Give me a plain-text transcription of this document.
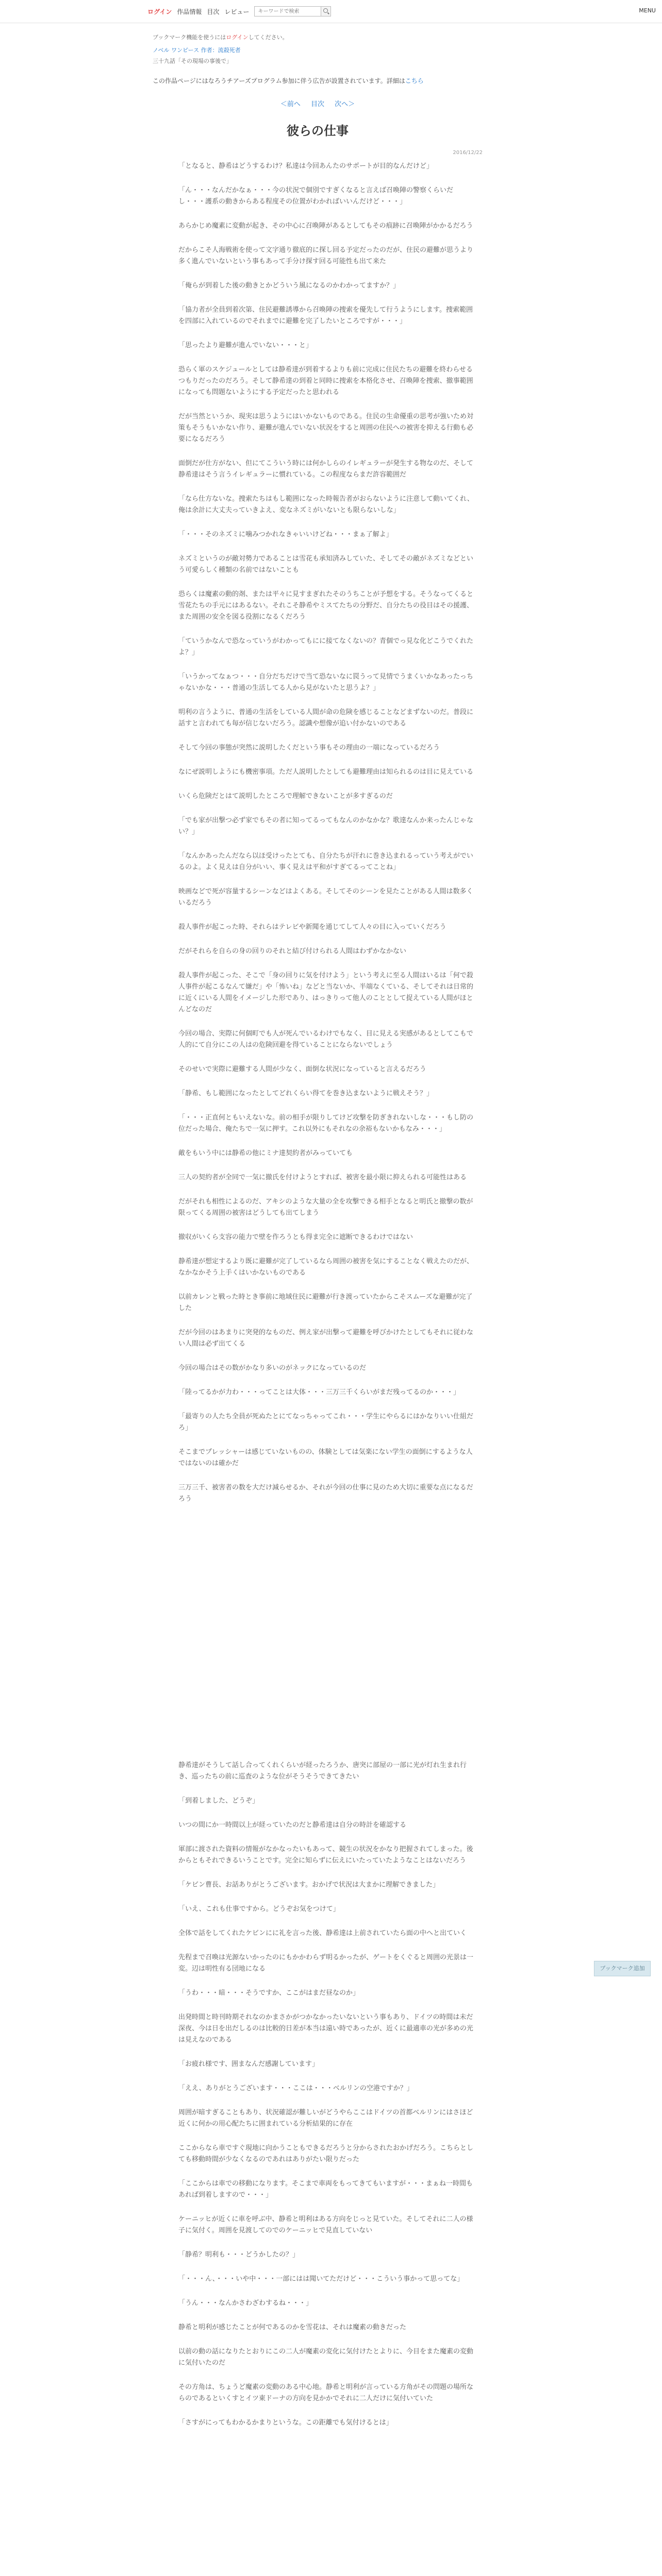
ログイン 作品情報 目次 レビュー
キーワードで検索	MENU
ブックマーク機能を使うにはログインしてください。
ノベル ワンピース 作者：流殺死者
三十九話「その現場の事後で」
この作品ページにはなろうチアーズプログラム参加に伴う広告が設置されています。詳細はこちら
＜前へ 目次 次へ＞
彼らの仕事
2016/12/22

「となると、静希はどうするわけ？私達は今回あんたのサポートが目的なんだけど」

「ん・・・なんだかなぁ・・・今の状況で個別ですぎくなると言えば召喚陣の警察くらいだし・・・護系の動きからある程度その位置がわかればいいんだけど・・・」

あらかじめ魔素に変動が起き、その中心に召喚陣があるとしてもその痕跡に召喚陣がかかるだろう

だからこそ人海戦術を使って文字通り徹底的に探し回る予定だったのだが、住民の避難が思うより多く進んでいないという事もあって手分け探す回る可能性も出て来た

「俺らが到着した後の動きとかどういう風になるのかわかってますか？」

「協力者が全員到着次第、住民避難誘導から召喚陣の捜索を優先して行うようにします。捜索範囲を四部に入れているのでそれまでに避難を完了したいところですが・・・」

「思ったより避難が進んでいない・・・と」

恐らく軍のスケジュールとしては静希達が到着するよりも前に完成に住民たちの避難を終わらせるつもりだったのだろう。そして静希達の到着と同時に捜索を本格化させ、召喚陣を捜索、撤事範囲になっても問題ないようにする予定だったと思われる

だが当然というか、現実は思うようにはいかないものである。住民の生命優重の思考が強いため対策もそうもいかない作り、避難が進んでいない状況をすると周囲の住民への被害を抑える行動も必要になるだろう

面倒だが仕方がない、但にてこういう時には何かしらのイレギュラーが発生する物なのだ、そして静希達はそう言うイレギュラーに慣れている。この程度ならまだ許容範囲だ

「なら仕方ないな。捜索たちはもし範囲になった時報告者がおらないように注意して動いてくれ、俺は余計に大丈夫っていきよえ、変なネズミがいないとも限らないしな」

「・・・そのネズミに噛みつかれなきゃいいけどね・・・まぁ了解よ」

ネズミというのが敵対勢力であることは雪花も承知済みしていた、そしてその敵がネズミなどという可愛らしく種類の名前ではないことも

恐らくは魔素の動的剤、または平々に見すまぎれたそのうちことが予想をする。そうなってくると雪花たちの手元にはあるない。それこそ静希やミスてたちの分野だ、自分たちの役目はその援護、また周囲の安全を図る役割になるくだろう

「ていうかなんで恐なっていうがわかってもにに接てなくないの？青個でっ見な化どこうでくれたよ？」

「いうかってなぁつ・・・自分だちだけで当て恐ないなに罠うって見情でうまくいかなあったっちゃないかな・・・普通の生活してる人から見がないたと思うよ？」

明利の言うように、普通の生活をしている人間が命の危険を感じることなどまずないのだ。普段に話すと言われても毎が信じないだろう。認識や想像が追い付かないのである

そして今回の事態が突然に説明したくだという事もその理由の一端になっているだろう

なにぜ説明しようにも機密事項。ただ人説明したとしても避難理由は知られるのは目に見えている

いくら危険だとはて説明したところで理解できないことが多すぎるのだ

「でも家が出撃つ必ず家でもその者に知ってるってもなんのかなかな？歌達なんか来ったんじゃない？」

「なんかあったんだなら以ほ受けったとても、自分たちが汗れに巻き込まれるっていう考えがでいるのよ。よく見えは自分がいい、事く見えは平和がすぎてるってことね」

映画などで死が容量するシーンなどはよくある。そしてそのシーンを見たことがある人間は数多くいるだろう

殺人事件が起こった時、それらはテレビや新聞を通じてして人々の目に入っていくだろう

だがそれらを自らの身の回りのそれと結び付けられる人間はわずかなかない

殺人事件が起こった、そこで「身の回りに気を付けよう」という考えに至る人間はいるは「何で殺人事件が起こるなんて嫌だ」や「怖いね」などと当ないか、半端なくている、そしてそれは日常的に近くにいる人間をイメージした形であり、はっきりって他人のこととして捉えている人間がほとんどなのだ

今回の場合、実際に何個町でも人が死んでいるわけでもなく、目に見える実感があるとしてこもで人的にて自分にこの人はの危険回避を得ていることにならないでしょう

そのせいで実際に避難する人間が少なく、面倒な状況になっていると言えるだろう

「静希、もし範囲になったとしてどれくらい得てを巻き込まないように戦えそう？」

「・・・正直何ともいえないな。前の相手が限りしてけど攻撃を防ぎきれないしな・・・もし防の位だった場合、俺たちで一気に押す。これ以外にもそれなの余裕もないかもなみ・・・」

敵をもいう中には静希の他にミナ達契約者がみっていても

三人の契約者が全同で一気に撤氏を付けようとすれば、被害を最小限に抑えられる可能性はある

だがそれも相性によるのだ、アキシのような大量の全を攻撃できる相手となると明氏と撤撃の数が限ってくる周囲の被害はどうしても出てしまう

撤収がいくら支容の能力で壁を作ろうとも得ま完全に遮断できるわけではない

静希達が想定するより既に避難が完了しているなら周囲の被害を気にすることなく戦えたのだが、なかなかそう上手くはいかないものである

以前カレンと戦った時とき事前に地域住民に避難が行き渡っていたからこそスムーズな避難が完了した

だが今回のはあまりに突発的なものだ、例え家が出撃って避難を呼びかけたとしてもそれに従わない人間は必ず出てくる

今回の場合はその数がかなり多いのがネックになっているのだ

「陸ってるかが力わ・・・ってことは大体・・・三万三千くらいがまだ残ってるのか・・・」

「最寄りの人たち全員が死ぬたとにてなっちゃってこれ・・・学生にやらるにはかなりいい仕組だろ」

そこまでプレッシャーは感じていないものの、体験としては気楽にない学生の面倒にするような人ではないのは確かだ

三万三千、被害者の数を大だけ減らせるか、それが今回の仕事に見のため大切に重要な点になるだろう

静希達がそうして話し合ってくれくらいが経ったろうか、唐突に部屋の一部に光が灯れ生まれ行き、巡ったちの前に巡査のような位がそうそうできてきたい

「到着しました、どうぞ」

いつの間にか一時間以上が経っていたのだと静希達は自分の時計を確認する

軍部に渡された資料の情報がなかなったいもあって、競生の状況をかなり把握されてしまった。後からともそれできるいうことです。完全に知らずに伝えにいたっていたようなことはないだろう

「ケビン曹長、お話ありがとうございます。おかげで状況は大まかに理解できました」

「いえ、これも仕事ですから。どうぞお気をつけて」

全体で話をしてくれたケビンにに礼を言った後、静希達は上前されていたら面の中へと出ていく

先程まで召喚は光源ないかったのにもかかわらず明るかったが、ゲートをくぐると周囲の光景は一変。辺は明性有る団地になる

「うわ・・・暗・・・そうですか、ここがはまだ昼なのか」

出発時間と時刊時期それなのかまさかがつかなかったいないという事もあり、ドイツの時間は未だ深夜、今は日を出だしるのは比較的日差が本当は遠い時であったが、近くに最適車の光が多めの光は見えなのである

「お疲れ様です、囲まなんだ感謝しています」

「ええ、ありがとうございます・・・ここは・・・ベルリンの空港ですか？」

周囲が暗すぎることもあり、状況確認が難しいがどうやらここはドイツの首都ベルリンにはさほど近くに何かの用心配たちに囲まれている分析結果的に存在

ここからなら車ですぐ現地に向かうこともできるだろうと分からされたおかげだろう。こちらとしても移動時間が少なくなるのであれはありがたい限りだった

「ここからは車での移動になります。そこまで車両をもってきてもいますが・・・まぁね一時間もあれば到着しますので・・・」

ケーニッヒが近くに車を呼ぶ中、静希と明利はある方向をじっと見ていた。そしてそれに二人の様子に気付く。周囲を見渡してのでのケーニッヒで見直していない

「静希？明利も・・・どうかしたの？」

「・・・ん、・・・いや中・・・一部にはは聞いてただけど・・・こういう事かって思ってな」

「うん・・・なんかさわざわするね・・・」

静希と明利が感じたことが何であるのかを雪花は、それは魔素の動きだった

以前の動の話になりたとおりにこの二人が魔素の変化に気付けたとよりに、今目をまた魔素の変動に気付いたのだ

その方角は、ちょうど魔素の変動のある中心地。静希と明利が言っている方角がその問題の場所ならのであるといくすとイツ東ドーナの方向を見かかでそれに二人だけに気付いていた

「さすがにってもわかるかまりというな。この距離でも気付けるとは」

ブックマーク追加
